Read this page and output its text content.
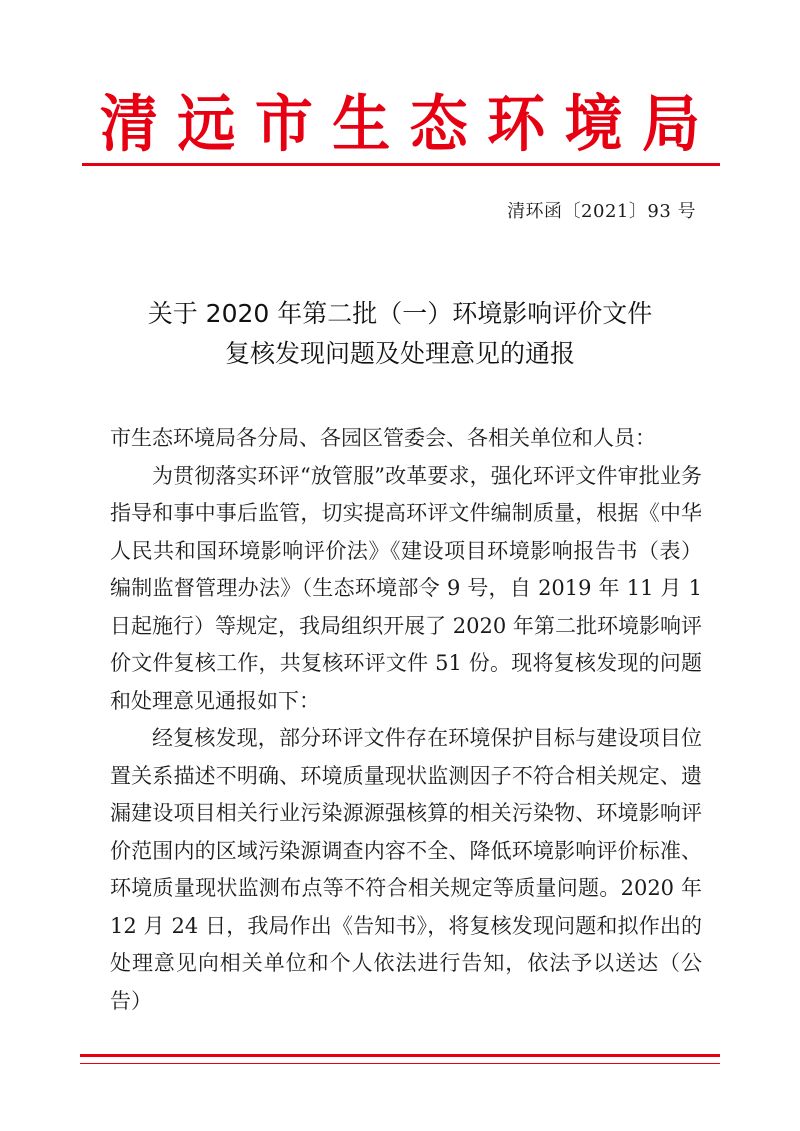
清 远 市 生 态 环 境 局
清环函〔2021〕93 号
关于 2020 年第二批（一）环境影响评价文件
复核发现问题及处理意见的通报

市生态环境局各分局、各园区管委会、各相关单位和人员：

为贯彻落实环评“放管服”改革要求，强化环评文件审批业务指导和事中事后监管，切实提高环评文件编制质量，根据《中华人民共和国环境影响评价法》《建设项目环境影响报告书（表）编制监督管理办法》（生态环境部令 9 号，自 2019 年 11 月 1 日起施行）等规定，我局组织开展了 2020 年第二批环境影响评价文件复核工作，共复核环评文件 51 份。现将复核发现的问题和处理意见通报如下：

经复核发现，部分环评文件存在环境保护目标与建设项目位置关系描述不明确、环境质量现状监测因子不符合相关规定、遗漏建设项目相关行业污染源源强核算的相关污染物、环境影响评价范围内的区域污染源调查内容不全、降低环境影响评价标准、环境质量现状监测布点等不符合相关规定等质量问题。2020 年 12 月 24 日，我局作出《告知书》，将复核发现问题和拟作出的处理意见向相关单位和个人依法进行告知，依法予以送达（公告）
